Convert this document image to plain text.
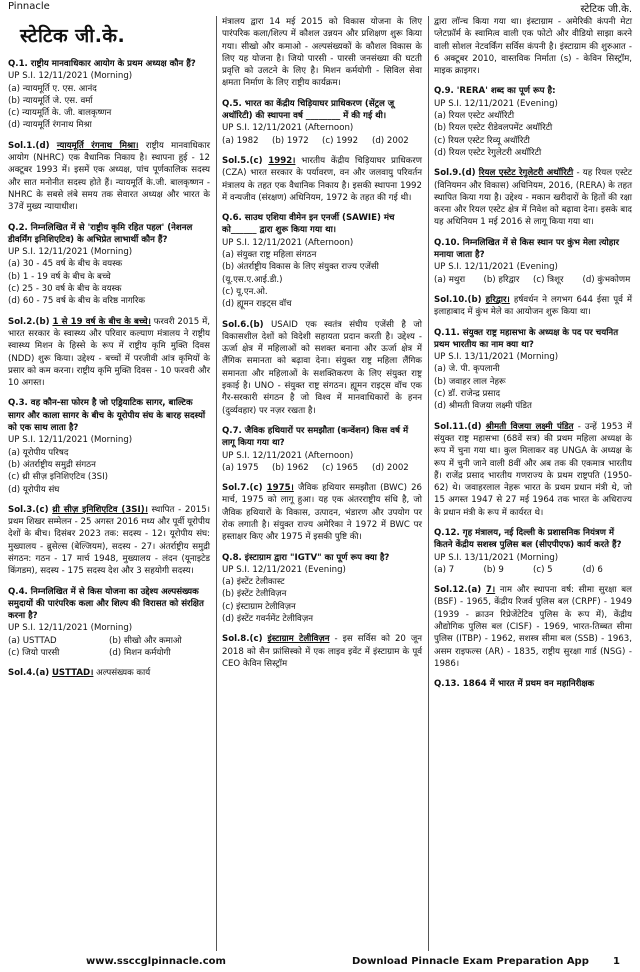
Pinnacle	स्टेटिक जी.के.
स्टेटिक जी.के.

Q.1. राष्ट्रीय मानवाधिकार आयोग के प्रथम अध्यक्ष कौन हैं?

UP S.I. 12/11/2021 (Morning)

(a) न्यायमूर्ति ए. एस. आनंद
(b) न्यायमूर्ति जे. एस. वर्मा
(c) न्यायमूर्ति के. जी. बालकृष्णन
(d) न्यायमूर्ति रंगनाथ मिश्रा

Sol.1.(d) न्यायमूर्ति रंगनाथ मिश्रा। राष्ट्रीय मानवाधिकार आयोग (NHRC) एक वैधानिक निकाय है। स्थापना हुई - 12 अक्टूबर 1993 में। इसमें एक अध्यक्ष, पांच पूर्णकालिक सदस्य और सात मनोनीत सदस्य होते हैं। न्यायमूर्ति के.जी. बालकृष्णन - NHRC के सबसे लंबे समय तक सेवारत अध्यक्ष और भारत के 37वें मुख्य न्यायाधीश।

Q.2. निम्नलिखित में से 'राष्ट्रीय कृमि रहित पहल' (नेशनल डीवर्मिंग इनिशिएटिव) के अभिप्रेत लाभार्थी कौन हैं?

UP S.I. 12/11/2021 (Morning)

(a) 30 - 45 वर्ष के बीच के वयस्क
(b) 1 - 19 वर्ष के बीच के बच्चे
(c) 25 - 30 वर्ष के बीच के वयस्क
(d) 60 - 75 वर्ष के बीच के वरिष्ठ नागरिक

Sol.2.(b) 1 से 19 वर्ष के बीच के बच्चे। फरवरी 2015 में, भारत सरकार के स्वास्थ्य और परिवार कल्याण मंत्रालय ने राष्ट्रीय स्वास्थ्य मिशन के हिस्से के रूप में राष्ट्रीय कृमि मुक्ति दिवस (NDD) शुरू किया। उद्देश्य - बच्चों में परजीवी आंत्र कृमियों के प्रसार को कम करना। राष्ट्रीय कृमि मुक्ति दिवस - 10 फरवरी और 10 अगस्त।

Q.3. वह कौन-सा फोरम है जो एड्रियाटिक सागर, बाल्टिक सागर और काला सागर के बीच के यूरोपीय संघ के बारह सदस्यों को एक साथ लाता है?

UP S.I. 12/11/2021 (Morning)

(a) यूरोपीय परिषद
(b) अंतर्राष्ट्रीय समुद्री संगठन
(c) थ्री सीज़ इनिशिएटिव (3SI)
(d) यूरोपीय संघ

Sol.3.(c) थ्री सीज़ इनिशिएटिव (3SI)। स्थापित - 2015। प्रथम शिखर सम्मेलन - 25 अगस्त 2016 मध्य और पूर्वी यूरोपीय देशों के बीच। दिसंबर 2023 तक: सदस्य - 12। यूरोपीय संघ: मुख्यालय - ब्रुसेल्स (बेल्जियम), सदस्य - 27। अंतर्राष्ट्रीय समुद्री संगठन: गठन - 17 मार्च 1948, मुख्यालय - लंदन (यूनाइटेड किंगडम), सदस्य - 175 सदस्य देश और 3 सहयोगी सदस्य।

Q.4. निम्नलिखित में से किस योजना का उद्देश्य अल्पसंख्यक समुदायों की पारंपरिक कला और शिल्प की विरासत को संरक्षित करना है?

UP S.I. 12/11/2021 (Morning)

(a) USTTAD	(b) सीखो और कमाओ
(c) जियो पारसी	(d) मिशन कर्मयोगी

Sol.4.(a) USTTAD। अल्पसंख्यक कार्य

मंत्रालय द्वारा 14 मई 2015 को विकास योजना के लिए पारंपरिक कला/शिल्प में कौशल उन्नयन और प्रशिक्षण शुरू किया गया। सीखो और कमाओ - अल्पसंख्यकों के कौशल विकास के लिए यह योजना है। जियो पारसी - पारसी जनसंख्या की घटती प्रवृत्ति को उलटने के लिए है। मिशन कर्मयोगी - सिविल सेवा क्षमता निर्माण के लिए राष्ट्रीय कार्यक्रम।

Q.5. भारत का केंद्रीय चिड़ियाघर प्राधिकरण (सेंट्रल जू अथॉरिटी) की स्थापना वर्ष ________ में की गई थी।

UP S.I. 12/11/2021 (Afternoon)

(a) 1982	(b) 1972	(c) 1992	(d) 2002

Sol.5.(c) 1992। भारतीय केंद्रीय चिड़ियाघर प्राधिकरण (CZA) भारत सरकार के पर्यावरण, वन और जलवायु परिवर्तन मंत्रालय के तहत एक वैधानिक निकाय है। इसकी स्थापना 1992 में वन्यजीव (संरक्षण) अधिनियम, 1972 के तहत की गई थी।

Q.6. साउथ एशिया वीमेन इन एनर्जी (SAWIE) मंच को______ द्वारा शुरू किया गया था।

UP S.I. 12/11/2021 (Afternoon)

(a) संयुक्त राष्ट्र महिला संगठन
(b) अंतर्राष्ट्रीय विकास के लिए संयुक्त राज्य एजेंसी (यू.एस.ए.आई.डी.)
(c) यू.एन.ओ.
(d) ह्यूमन राइट्स वॉच

Sol.6.(b) USAID एक स्वतंत्र संघीय एजेंसी है जो विकासशील देशों को विदेशी सहायता प्रदान करती है। उद्देश्य - ऊर्जा क्षेत्र में महिलाओं को सशक्त बनाना और ऊर्जा क्षेत्र में लैंगिक समानता को बढ़ावा देना। संयुक्त राष्ट्र महिला लैंगिक समानता और महिलाओं के सशक्तिकरण के लिए संयुक्त राष्ट्र इकाई है। UNO - संयुक्त राष्ट्र संगठन। ह्यूमन राइट्स वॉच एक गैर-सरकारी संगठन है जो विश्व में मानवाधिकारों के हनन (दुर्व्यवहार) पर नज़र रखता है।

Q.7. जैविक हथियारों पर समझौता (कन्वेंशन) किस वर्ष में लागू किया गया था?

UP S.I. 12/11/2021 (Afternoon)

(a) 1975	(b) 1962	(c) 1965	(d) 2002

Sol.7.(c) 1975। जैविक हथियार समझौता (BWC) 26 मार्च, 1975 को लागू हुआ। यह एक अंतरराष्ट्रीय संधि है, जो जैविक हथियारों के विकास, उत्पादन, भंडारण और उपयोग पर रोक लगाती है। संयुक्त राज्य अमेरिका ने 1972 में BWC पर हस्ताक्षर किए और 1975 में इसकी पुष्टि की।

Q.8. इंस्टाग्राम द्वारा "IGTV" का पूर्ण रूप क्या है?

UP S.I. 12/11/2021 (Evening)

(a) इंस्टेंट टेलीकास्ट
(b) इंस्टेंट टेलीविज़न
(c) इंस्टाग्राम टेलीविज़न
(d) इंस्टेंट गवर्नमेंट टेलीविज़न

Sol.8.(c) इंस्टाग्राम टेलीविज़न - इस सर्विस को 20 जून 2018 को सैन फ्रांसिस्को में एक लाइव इवेंट में इंस्टाग्राम के पूर्व CEO केविन सिस्ट्रॉम

द्वारा लॉन्च किया गया था। इंस्टाग्राम - अमेरिकी कंपनी मेटा प्लेटफ़ॉर्म के स्वामित्व वाली एक फोटो और वीडियो साझा करने वाली सोशल नेटवर्किंग सर्विस कंपनी है। इंस्टाग्राम की शुरुआत - 6 अक्टूबर 2010, वास्तविक निर्माता (s) - केविन सिस्ट्रॉम, माइक क्राइगर।

Q.9. 'RERA' शब्द का पूर्ण रूप है:

UP S.I. 12/11/2021 (Evening)

(a) रियल एस्टेट अथॉरिटी
(b) रियल एस्टेट रीडेवलपमेंट अथॉरिटी
(c) रियल एस्टेट रिव्यू अथॉरिटी
(d) रियल एस्टेट रेगुलेटरी अथॉरिटी

Sol.9.(d) रियल एस्टेट रेगुलेटरी अथॉरिटी - यह रियल एस्टेट (विनियमन और विकास) अधिनियम, 2016, (RERA) के तहत स्थापित किया गया है। उद्देश्य - मकान खरीदारों के हितों की रक्षा करना और रियल एस्टेट क्षेत्र में निवेश को बढ़ावा देना। इसके बाद यह अधिनियम 1 मई 2016 से लागू किया गया था।

Q.10. निम्नलिखित में से किस स्थान पर कुंभ मेला त्योहार मनाया जाता है?

UP S.I. 12/11/2021 (Evening)

(a) मथुरा	(b) हरिद्वार	(c) त्रिशूर	(d) कुंभकोणम

Sol.10.(b) हरिद्वार। हर्षवर्धन ने लगभग 644 ईसा पूर्व में इलाहाबाद में कुंभ मेले का आयोजन शुरू किया था।

Q.11. संयुक्त राष्ट्र महासभा के अध्यक्ष के पद पर चयनित प्रथम भारतीय का नाम क्या था?

UP S.I. 13/11/2021 (Morning)

(a) जे. पी. कृपलानी
(b) जवाहर लाल नेहरू
(c) डॉ. राजेन्द्र प्रसाद
(d) श्रीमती विजया लक्ष्मी पंडित

Sol.11.(d) श्रीमती विजया लक्ष्मी पंडित - उन्हें 1953 में संयुक्त राष्ट्र महासभा (68वें सत्र) की प्रथम महिला अध्यक्ष के रूप में चुना गया था। कुल मिलाकर वह UNGA के अध्यक्ष के रूप में चुनी जाने वाली 8वीं और अब तक की एकमात्र भारतीय हैं। राजेंद्र प्रसाद भारतीय गणराज्य के प्रथम राष्ट्रपति (1950-62) थे। जवाहरलाल नेहरू भारत के प्रथम प्रधान मंत्री थे, जो 15 अगस्त 1947 से 27 मई 1964 तक भारत के अधिराज्य के प्रधान मंत्री के रूप में कार्यरत थे।

Q.12. गृह मंत्रालय, नई दिल्ली के प्रशासनिक नियंत्रण में कितने केंद्रीय सशस्त्र पुलिस बल (सीएपीएफ) कार्य करते हैं?

UP S.I. 13/11/2021 (Morning)

(a) 7	(b) 9	(c) 5	(d) 6

Sol.12.(a) 7। नाम और स्थापना वर्ष: सीमा सुरक्षा बल (BSF) - 1965, केंद्रीय रिजर्व पुलिस बल (CRPF) - 1949 (1939 - क्राउन रिप्रेजेंटेटिव पुलिस के रूप में), केंद्रीय औद्योगिक पुलिस बल (CISF) - 1969, भारत-तिब्बत सीमा पुलिस (ITBP) - 1962, सशस्त्र सीमा बल (SSB) - 1963, असम राइफल्स (AR) - 1835, राष्ट्रीय सुरक्षा गार्ड (NSG) - 1986।

Q.13. 1864 में भारत में प्रथम वन महानिरीक्षक

www.ssccglpinnacle.com	Download Pinnacle Exam Preparation App 1
